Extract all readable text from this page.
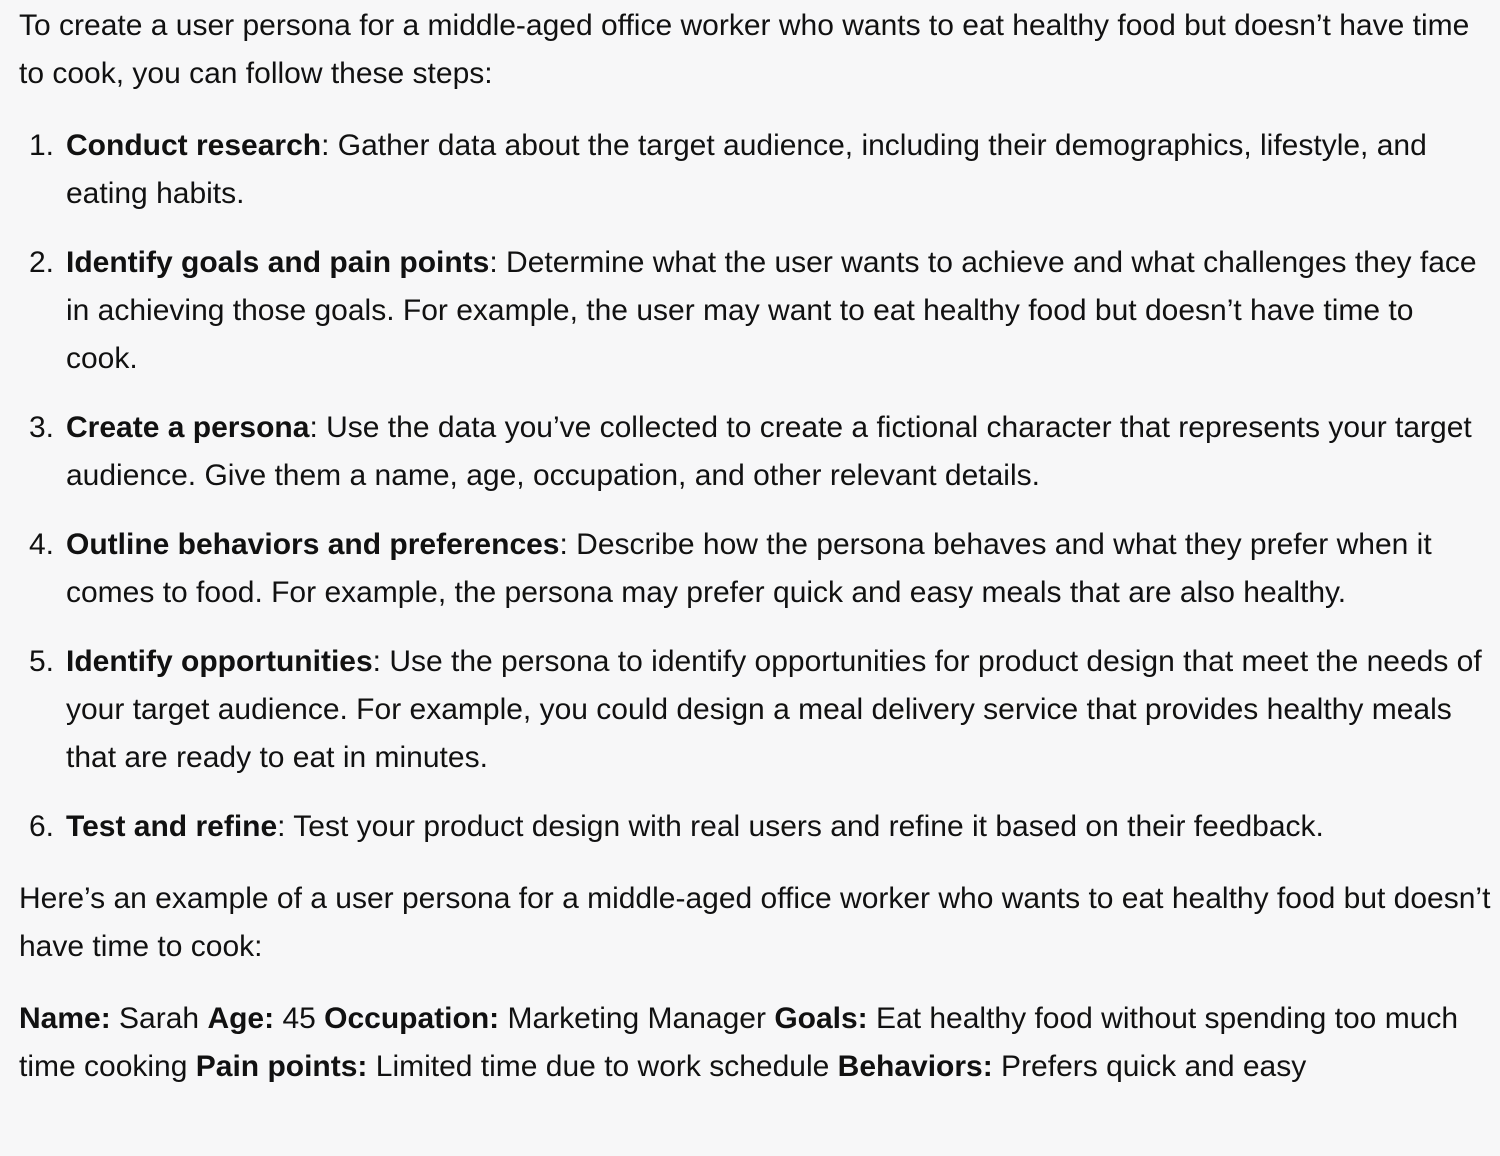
To create a user persona for a middle-aged office worker who wants to eat healthy food but doesn’t have time to cook, you can follow these steps:

1. Conduct research: Gather data about the target audience, including their demographics, lifestyle, and eating habits.
2. Identify goals and pain points: Determine what the user wants to achieve and what challenges they face in achieving those goals. For example, the user may want to eat healthy food but doesn’t have time to cook.
3. Create a persona: Use the data you’ve collected to create a fictional character that represents your target audience. Give them a name, age, occupation, and other relevant details.
4. Outline behaviors and preferences: Describe how the persona behaves and what they prefer when it comes to food. For example, the persona may prefer quick and easy meals that are also healthy.
5. Identify opportunities: Use the persona to identify opportunities for product design that meet the needs of your target audience. For example, you could design a meal delivery service that provides healthy meals that are ready to eat in minutes.
6. Test and refine: Test your product design with real users and refine it based on their feedback.

Here’s an example of a user persona for a middle-aged office worker who wants to eat healthy food but doesn’t have time to cook:

Name: Sarah Age: 45 Occupation: Marketing Manager Goals: Eat healthy food without spending too much time cooking Pain points: Limited time due to work schedule Behaviors: Prefers quick and easy
